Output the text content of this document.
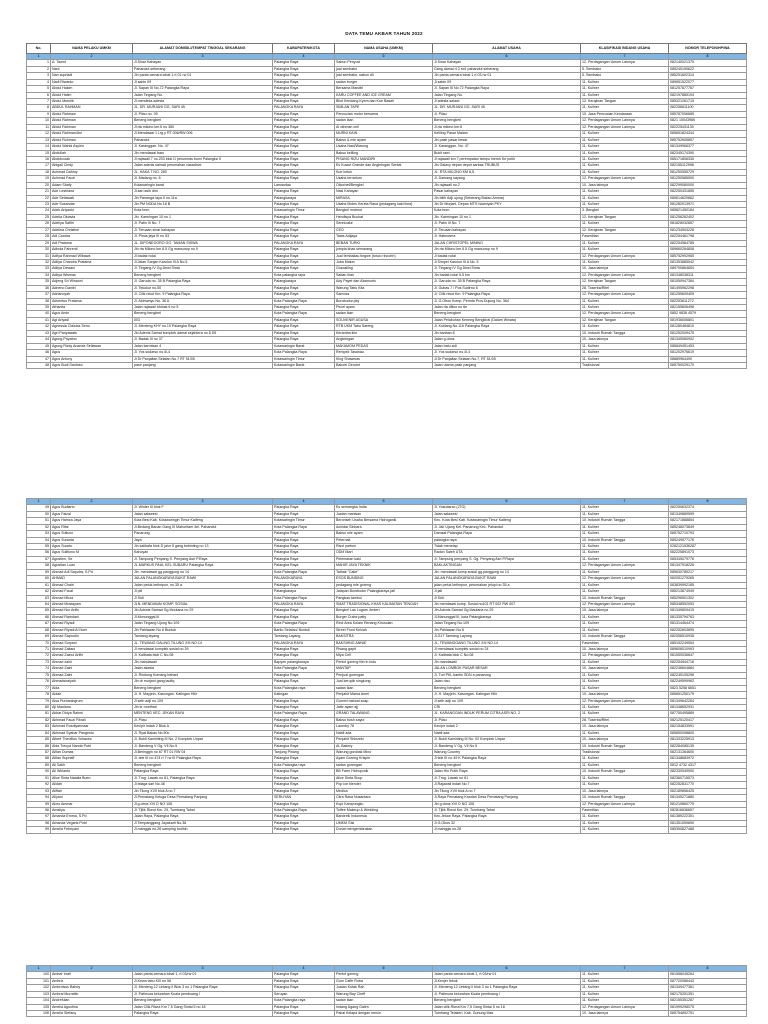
DATA TEMU AKBAR TAHUN 2022
No.	NAMA PELAKU UMKM	ALAMAT DOMISILI/TEMPAT TINGGAL SEKARANG	KABUPATEN/KOTA	NAMA USAHA (UMKM)	ALAMAT USAHA	KLASIFIKASI BIDANG USAHA	NOMOR TELEPON/HP/WA
1	2	3	4	5	6	7	8
1	A. Tawot	Jl.Sinar Kahayan	Palangka Raya	Sabun Penyuci	Jl.Sinar Kahayan	12. Perdagangan Umum Lainnya	082140021375
2	Nani	Pahandut seberang	Palangka Raya	jual sembako	Gang damai rt 3 rw1 pahandut seberang	5. Sembako	085245190622
3	Nan supriadi	Jln panta cemara lobat 1 rt 01 rw 01	Palangka Raya	jual sembako, sabun dll	Jln panta cemara lobat 1 rt 03 rw 01	5. Sembako	085251602314
4	Nadi Riwanto	Jl sabin 09	Palangka Raya	sadan burger	Jl sabin 09	11. Kuliner	089651522077
5	Abdul Hakim	Jl. Sapan III No.72 Palangka Raya	Palangka Raya	Bersama Mandiri	Jl. Sapan III No.72 Palangka Raya	11. Kuliner	081257877767
6	Abdul Halim	Jalan Tingang No.	Palangka Raya	KARU COFFEE AND ICE CREAM	Jalan Tingang No.	11. Kuliner	082197885194
7	Abdul Mutolib	Jl mendeka adesta	Palangka Raya	Bilot Kendang Kyem dan Kue Basah	Jl adesta salawi	12. Kerajinan Tangan	085321261715
8	ABDUL RAHMAN	JL. DR. MURJANI GG. SARI 45	PALANGKA RAYA	SIMLAN TAPE	JL. DR. MURJANI GG. SARI 45	11. Kuliner	082256611100
9	Abdul Rahman	Jl. Pilau no. 39	Palangka Raya	Pencucian motor bersama	Jl. Pilau	10. Jasa Pencucian Kendaraan	085787006685
10	Abdul Rahman	Beneng bengkeri	Palangka Raya	sadan ikan	Beneng bengkeri	12. Perdagangan Umum Lainnya	0821 10043966
11	Abdul Rahman	Jl.rta milono km.6 no 380	Palangka Raya	Al rahman cell	Jl.rta milono km.6	12. Perdagangan Umum Lainnya	082225431130
12	Abdul Rahman/Ani	Jl Mendawai 1 Lrg.y RT 006/RW 006	Palangka Raya	MURNI KAIN	Keliling Pasar Malam	11. Kuliner	085651824344
13	Abdul Rohman	Pahandut	Palangka Raya	Bakso & mie ayam	Jln pasir pasar besar	11. Kuliner	085752605857
14	Abdul Wahid Asyirin	Jl. Karanggan. No. 47	Palangka Raya	Usaha Nasi/Warung	Jl. Karanggan. No. 47	11. Kuliner	081349966377
15	Abdullah	Jln mendawai baru	Palangka Raya	Bakso keliling	Bukit rawi	11. Kuliner	082345174390
16	Abdulrozak	Jl rajawali 7 no.203 blok D perumnas bumi Palangka II	Palangka Raya	PISANG RIZU MANDIRI	Jl rajawali km 7 perempatan tampu meroh Ke putih	11. Kuliner	085171806330
17	Abigail Cindy	Jalan adenis samad perumahan casadove	Palangka Raya	Es Kuwut Grande dan Angkringan Sentai	Jln Galaxy depan depot sarbas TRUBUS	11. Kuliner	082155112998
18	Achmad Dahmy	JL. HAKA 7 NO. 280	Palangka Raya	Kue ketuk	JL. RTA MILONO KM 8,5	11. Kuliner	081250555729
19	Achmad Fauzi	Jl. Madang no. 6	Palangka Raya	Usaha terrarium	Jl. Damang sayang	12. Perdagangan Umum Lainnya	081250585500
20	Adam Shafy	Kotawaringin barat	Lamandau	Ottochef/Bengkel	Jln rajawali no.2	10. Jasa lainnya	082299080000
21	Ade Lestriana	Jl.sari asih dim	Palangka Raya	Nasi Kahayan	Pasar kahayan	11. Kuliner	082250431855
22	Ade Setiawati	Jln Pananga raya II no 11a	Palangkaraya	MIRASA	Jln bitih Adji ujung (Seberang Bakso Amma)	11. Kuliner	089614620862
23	Ade Susandar	Jln PM NODA No 18 B	Palangka Raya	Usaha Moles Kereta Rasa (pedagang kaki lima)	Jln Dr Murjani, Depan MTS Islamiyah PKY	11. Kuliner	081282013971
24	Adek Ariyanto	Kota bnm	Kotawaringin Timur	Bengkel motmur	Kota bnm	3. Bengkel	085821450184
25	Adelia Oktavia	Jln. Karmingan 10 no 1	Palangka Raya	Hendisya Buckat	Jln. Karmingan 10 no 1	12. Kerajinan Tangan	081256262402
26	Adeliya Safitri	Jl. Patin III No. 7	Palangka Raya	Sennicake	Jl. Patin III No. 7	11. Kuliner	081828032857
27	Adelina Christine	Jl. Teruaan sinar kahayan	Palangka Raya	CEO	Jl. Teruaan kahayan	12. Kerajinan Tangan	081234503228
28	Adi Candra	Jl. Pinus jaya III no 53	Palangka Raya	Tatas Adijaya	Jl. Hatmotera	Fasentilan	082254461798
29	Adi Pratama	JL. DIPONEGORO GG. TAMAN SISWA	PALANGKA RAYA	BEBAN TURKI	JALAN CHRISTOPEL MINING	11. Kuliner	082254564785
30	Adinda Fahrenti	Jln rta Milono km 6.5 Gg mansurup no 9	Palangka Raya	jumpia khas semarang	Jln rta Milono km 6.5 Gg mansurup no 9	11. Kuliner	089660284808
31	Aditya Rahmad Wibawa	Jl badak nolai	Palangka Raya	Jual tembakau tingwe (tosco rincorin)	Jl badak nolai	12. Perdagangan Umum Lainnya	085752992965
32	Aditya Chandra Pratama	Jl.Jalan Sanjan Karulun III A No.5	Palangka Raya	Juba Maker	Jl.Simpei Karulun III A No. 5	11. Kuliner	081353885542
33	Aditya Dewani	Jl. Tingang IV Gg Dewi Sinta	Palangka Raya	Goscailing	Jl. Tingang IV Gg Dewi Sinta	10. Jasa lainnya	089700864654
34	Aditya Wismas	Beneng bengkeri	Kota palangka raya	Sadan ikan	Jln badak nolai 5.5 km	12. Perdagangan Umum Lainnya	081348038311
35	Adjeng Sri Winanni	Jl. Garuda no. 35 B Palangka Raya	Palangkaraya	Ady Payet dan Aksesoris	Jl. Garuda no. 35 B Palangka Raya	12. Kerajinan Tangan	081550947384
36	Adneno Daniel	Jl. Tekukur no.50	Palangka Raya	Warung Tabu Kita	Jl. Gubas 7 / Pos Sudirno 6	28. Toserba/Ritel	081495962298
37	Adrianoyah	Jl. Cilik riwut Km. 9 Palangka Raya	Palangka Raya	Samosa	Jl. Cilik riwut Km. 9 Palangka Raya	12. Perdagangan Umum Lainnya	081255609409
38	Adventus Pratama	Jl. Abimanyu No. 36 A	Kota Palangka Raya	Borobudur.pky	Jl. G.Obos Komp. Pemda Prov.Dujung No. 364	11. Kuliner	082253611272
39	Afrianita	Jalan rajawali blobak 6 no 5	Palangka Raya	Pecel ayam	Jalan rta dilino no 6e	11. Kuliner	082155606498
40	Agus Amin	Beneng bengkeri	Kota Palangka Raya	sadan ikan	Beneng bengkeri	12. Perdagangan Umum Lainnya	0852 9838 4579
41	Agi Ariyadi	003	Palangka Raya	SOUVENIR AGUSA	Jalan Pelabuhan Keneng Bengkirai (Dalam Winata)	12. Kerajinan Tangan	081936006801
42	Agnessia Claisica Seno	Jl. Menteng KHY no.19 Palangka Raya	Palangka Raya	RTB UKM Tabu Sareng	Jl. Kutilang No.116 Palangka Raya	11. Kuliner	081280484810
43	Agri Panyawats	Jln Adenis Samat komplek damai sejahtera no 8 D5	Palangka Raya	Keramba ikin	Jln banban 8	10. Industri Rumah Tangga	081252009475
44	Agung Priyatno	Jl. Badak III no 37	Palangka Raya	Angkringan	Jalan g.obos	10. Jasa lainnya	081349060902
45	Agung Rizky Ananda Setiawan	Jalan karmisan 4	Kotawaringin Barat	MAKAMOM PEDAS	Jalan batu suli	11. Kuliner	085849451453
46	Agus	Jl. Yos sudarso no.4l-4	Kota Palangka Raya	Rempek Tasanau	Jl. Yos sudarso no.4l-4	11. Kuliner	081202976619
47	Agus Antony	Jl Dr Panjaitan Selatan No.7 RT 51/05	Kotawaringin Timur	King Shawmas	Jl Dr Panjaitan Selatan No.7, RT 51/05	11. Kuliner	08889964490
48	Agus Budi Santoso	pasir panjang	Kotawaringin Barat	Bakoel Gendut	Jalan utama pasir panjang	Tradisional	085750029170
1	2	3	4	5	6	7	8
49	Agus Budiarto	Jl. Winter III blok F	Palangka Raya	Es semangka India	Jl. Yosudarso (JTO)	11. Kuliner	082250632374
50	Agus Faizal	Jalan salawesi	Palangka Raya	Jualan manisan	Jalan salawesi	11. Kuliner	081349889599
51	Agus Hamza Jaya	Kota Besi Kab. Kotawaringin Timur Kalteng	Kotawaringin Timur	Beronseh Usaha Bersama Hidroganik	Kec. Kota Besi Kab. Kotawaringin Timur Kalteng	10. Industri Rumah Tangga	082171888854
52	Agus Rifai	Jl.Bedang Banan Gang III Mahoritam 4el. Pahandut	Kota Palangka Raya	Achidar Sinbara	Jl. Jalr Ujang Kel. Panarung Kec. Pahandut	11. Kuliner	085248073849
53	Agus Sulisno	Panarung	Palangka Raya	Bakso mie ayam	Damsat Palangka Raya	11. Kuliner	085752710793
54	Agus Suranta	Jaya	Palangka Raya	Peternak	palangka raya	10. Industri Rumah Tangga	085249577176
55	Agus Suratu	Jln kalibata blok D jalur 5 gang bebinting no 13	Palangka Raya	Risol parfum	Tidak menetap	11. Kuliner	0282121536287
56	Agus Sulitiono M	Kahoyan	Palangka Raya	ODM Mart	Radon Saleh UTA	11. Kuliner	082225891073
57	Agustien, Se	Jl. Tampung Penyang S. Penyang Asri P.Raya	Palangka Raya	Pelemaran kaki	Jl. Tampung penyang S. Gg. Penyang Asri P.Raya	11. Kuliner	085345079776
58	Agustian Luan	JL.MARKUS PAUL KEL.SUBARU Palangka Raya	Palangka Raya	MAHIR JAYA TEKNIK	BAKLAKTINGAN	12. Perdagangan Umum Lainnya	081347918226
59	Ahmad Adi Saputra, S.Pd	Jln. mendawai gg.panggung no 14	Kota Palangka Raya	Tathak "Cake"	Jln. mendawai komp.sosial gg.panggung no 14	11. Kuliner	089630789217
60	AHMAD	JALAN PALANGKARAYA BUKIT RAWI	PALANGKARAYA	ESOS BUNDING	JALAN PALANGKARAYA BUKIT RAWI	12. Perdagangan Umum Lainnya	082051279265
61	Ahmad Chairi	Jalan petuk ketimpun, no 35 a	Palangka Raya	pedagang mie goreng	jalan petuk ketimpun, perumahan jelupi no 35 a	11. Kuliner	083839992185
62	Ahmad Fauzi	Jl pkl	Palangkaraya	Jalapan Borobudur Palangkaraya jati	Jl jati	11. Kuliner	085213874949
63	Ahmad Mirza	Jl Sidi	Kota Palangka Raya	Pangkas tambul	Jl Sidi	10. Industri Rumah Tangga	085296501302
64	Ahmad Mustayam	JLN. MENDAWAI KOMP. SOSIAL	PALANGKA RAYA	SMAT TRADISIONAL KHAS KALIMATAN TENGAH	Jln mendawai komp. Sosial no101 RT 002 RW 007	12. Perdagangan Umum Lainnya	085348552053
65	Ahmad Nur Arifin	Jln Adonis Samad Gg Moulana no 29	Palangka Raya	Bengkel Las Logam Jenteri	Jln Adonis Samad Gg Maulana no 29	10. Jasa lainnya	081349809415
66	Ahmad Ramdani	Jl.Monunggal III	Palangka Raya	Burger Crabz patty	Jl.Manunggal III, kota Palangkaraya	11. Kuliner	081335794763
67	Ahmad Riyadi	Jalan Tingang Ujung No.109	Kota Palangka Raya	Rect Area Kolam Renang Khusulan	Jalan Tingang No.109	11. Kuliner	081314464474
68	Ahmad Riyadi Al Noer	Jln Pahlawan No 6 Buntok	Barito Selatan/ Buntok	Street Food Kelvah	Jln Pahlawan No 6	11. Kuliner	082252603895
69	Ahmad Saprudin	Tamiang layang	Tamiang Layang	BAKSITRA	Jl.G17 Tamiang Layang	10. Industri Rumah Tangga	082056510938
70	Ahmad Suryani	JL. TEWANG GALING TILUNG XIII NO.14	PALANGKA RAYA	BAKSIHNG ANNIE	JL. TEWANGGANG TILUNG XIII NO.14	Fasentilan	085152249554
71	Ahmad Zaitani	Jl mendawai komplek sosial no 39	Palangka Raya	Pisang gapit	Jl mendawai komplek sosial no 24	10. Jasa lainnya	089606010993
72	Ahmad Zainul Arifin	Jl. Kalibata blok C No.08	Palangka Raya	Miya Cell	Jl. Kalibata blok C No.08	12. Perdagangan Umum Lainnya	081550036647
73	Ahmad zaini	Jln mandawaii	Bapyen palangkaraya	Pentol goreng lilin in indo	Jln mandawaii	11. Kuliner	082254944716
74	Ahmad Zaini	Jalan akasia	Kota Palangka Raya	MANTAP	JALAN LOMBOK PASAR BESAR	10. Jasa lainnya	082246604884
75	Ahmad Zaini	Jl. Rindong Komang bebani	Palangka Raya	Penjual gorengan	Jl. Turi PKL bantin SDN a panarung	11. Kuliner	082245105298
76	Ahmadsiraiyah	Jln dr murjani gang taufiq	Palangka Raya	Jual kerupik singkong	Jalan riau	11. Kuliner	082249599962
77	Aida	Beneng bengkeri	Kota Palangka raya	sadan ikan	Beneng bengkeri	11. Kuliner	0823 5258 6651
78	Aidah	Jl. H. Mayjein. Kasongan. Katingan Hilir	Katingan	Penjahit Mama Amel	Jl. H. Mayjein. Kasongan. Katingan Hilir	10. Jasa lainnya	085651250179
79	Aisa Purbaningrum	Jl seth adji no 109	Palangka Raya	Gummi natural soap	Jl seth adji no 109	12. Perdagangan Umum Lainnya	081349642264
80	Aji Maulana	Jln kr murthah	Palangka Raya	Jaite ayam ajj	CRI	11. Kuliner	081348652931
81	Akbar Dhiya Rahmi	MENTENG KEC. JEKAN RAYA	Kota Palangka Raya	GRAND TALAWANG	JL. KARANGGAN INDUK PERUM CITRA ASRI NO. 2	11. Kuliner	087750495889
82	Akhmad Fauzi Fikrali	Jl. Pilau	Palangka Raya	Bakso bush sayur	Jl. Pilau	28. Toserba/Ritel	082125120417
83	Akhmad Rusdiyarmaar	Kecipir indah 2 Blok A	Palangka Raya	Laundry 78	Kecipir indah 2	10. Jasa lainnya	082154833591
84	Akhmad Syabar Pangestu	Jl. Ryat Bakas No.50c	Palangka Raya	Nabit ada	Nabit ada	11. Kuliner	085850098800
85	Albert Theofilus Yohanes	Jl. Bukit Kamiriting III No. 2 Komplek Unpar	Palangka Raya	Penjahit Shinzeki	Jl. Bukit Kamiriting III No. 02 Komplek Unpar	10. Jasa lainnya	081333225913
86	Alda Trecya Nanda Putri	Jl. Bandeng V Gg. VII No.5	Palangka Raya	AL Bakery	Jl. Bandeng V Gg. VII No.5	10. Industri Rumah Tangga	082284085135
87	Alfian Dumas	Jl.Beringgin no 87 RT 01 RW 04	Tanjung Pinang	Warung gorobak Mino	Warung Country	Tradisional	082131364600
88	Alfian Supriaff	Jl. tele III no 474 rt 7 rw III Palangka Raya	Palangka Raya	Ayam Goreng Krispie	Jl tele III no 49 K Palangka Raya	11. Kuliner	081348683972
89	Ali Salih	Beneng bengkeri	Kota Palangka raya	sadan gorengan	Beneng bengkeri	11. Kuliner	0812 4732 4317
90	Ali Wirianto	Palangka Raya	Palangka Raya	BB Farm Hidroponik	Jalan Hiu Putih Raya	10. Industri Rumah Tangga	082330549900
91	Alice Sinta Natalia Buen	Jl. Tmg. Lawak no 61, Palangka Raya	Palangka Raya	Alice Sinta Shop	Jl. Tmg. Lawak no 61	11. Kuliner	082360715573
92	Alidah	Jl.telaga sari No.48	Palangka Raya	Pop ice blender	Jl.Rajawali indah No.7	11. Kuliner	082252831770
93	Aliffah	Jln Tilung XVII blok A no 7	Palangka Raya	Medica	Jln Tilung XVII blok A no 7	10. Jasa lainnya	082189856425
94	Aliyani	Jl.Pematang Keluga Desa Pematang Panjang	SERUYAN	Citra Rasa Nusantara	Jl.Raya Pematang Kandari Desa Pematang Panjang	10. Industri Rumah Tangga	081345271880
95	Almu Ammar	Jl.g.obos XVI D NO 108	Palangka Raya	Kopi Kampungku	Jln g.obos XVI D NO 108	12. Perdagangan Umum Lainnya	081219860775
96	Amaliya	Jl. Tjilik Riwut Km. 29, Tumbang Tahai	Kota Palangka Raya	Toffee Makeup & Wedding	Jl. Tjilik Riwut Km. 29, Tumbang Tahai	Fasentilan	082816836657
97	Amanda Emma, S.Pd	Jalan Raya, Palangka Raya	Palangka Raya	Bandrelk Indonesia	Kec.Jekan Raya, Palangka Raya	11. Kuliner	081389222301
98	Amanda Vegaris Putri	Jl Tempanggang Jayakarti No.38	Palangka Raya	UMKM Gisi	Jl G.Obos 32	11. Kuliner	081351059890
99	Amelia Febriyani	Jl.manggis no.28 samping bodhin	Palangka Raya	Donat mengembirakan	Jl.manggis no.28	11. Kuliner	085350827488
1	2	3	4	5	6	7	8
100	Ambar Irrah	Jalan panta cemara lobat 1, rt 03/rw 01	Palangka Raya	Pentol goreng	Jalan panta cemara lobat 1, rt 03/rw 01	11. Kuliner	081556045264
101	Ambriz	Jl.Kewa tabu KIII no 56	Palangka Raya	Gum Caffe Roba	Jl.Kenjer tekuk	11. Kuliner	087720086443
102	Ambroisus Bahoy	Jl. Menteng 12 Lintang Il Blok 3 no 1 Palangka Raya	Palangka Raya	Jualan Kutak Rah	Jl. Menteng 12 Lintang Il blok 3 no 1 Palangka Raya	11. Kuliner	081349477361
103	Ambral Murratiin	Jl. Patimura kelurahan Kuala pembuang I	Seruyan	Warung Bay Cheff	Jl. Patimura kelurahan Kuala pembuang I	11. Kuliner	082175251351
104	Andrefulan	Beneng bengkeri	Kota Palangka raya	sadan ikan	Beneng bengkeri	11. Kuliner	082155351287
105	Amelia Agustina	Jalan Cilik Riwut Km 7,5 Gang Sintai 5 no 18	Palangka Raya	Indang Agang Galen	Jalan cilik Riwut Km 7,5 Gang Sintai 5 no 18	12. Perdagangan Umum Lainnya	081999298075
106	Amelia Stefany	Palangka Raya	Palangka Raya	Pakai Kelapa dengan mesin	Tumbang Telakeri, Kab. Gunung Mas	10. Jasa lainnya	085754892751
